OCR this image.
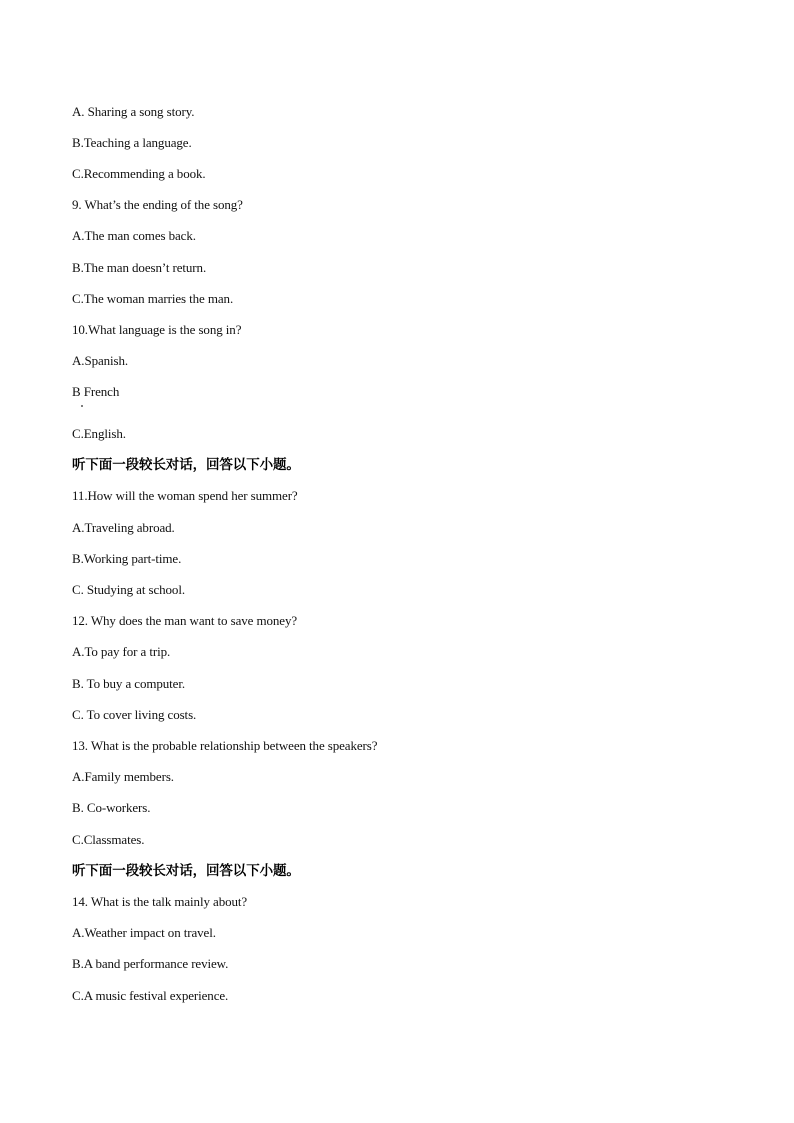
A. Sharing a song story.
B.Teaching a language.
C.Recommending a book.
9. What’s the ending of the song?
A.The man comes back.
B.The man doesn’t return.
C.The woman marries the man.
10.What language is the song in?
A.Spanish.
B French
C.English.
听下面一段较长对话，回答以下小题。
11.How will the woman spend her summer?
A.Traveling abroad.
B.Working part-time.
C. Studying at school.
12. Why does the man want to save money?
A.To pay for a trip.
B. To buy a computer.
C. To cover living costs.
13. What is the probable relationship between the speakers?
A.Family members.
B. Co-workers.
C.Classmates.
听下面一段较长对话，回答以下小题。
14. What is the talk mainly about?
A.Weather impact on travel.
B.A band performance review.
C.A music festival experience.
